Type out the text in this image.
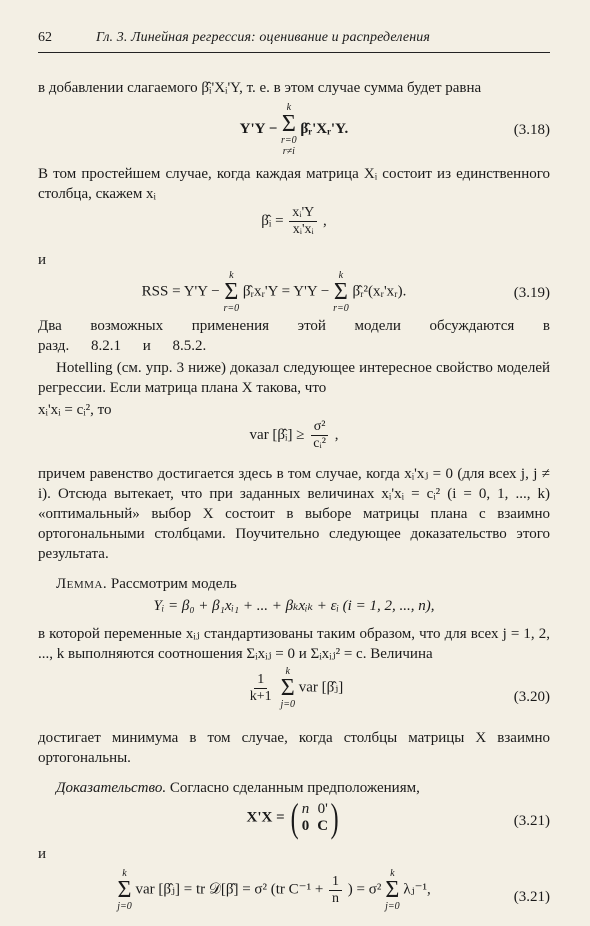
62	Гл. 3. Линейная регрессия: оценивание и распределения

в добавлении слагаемого β̂ᵢ'Xᵢ'Y, т. е. в этом случае сумма будет равна

Y'Y −
k
Σ
r=0
r≠i
β̂ᵣ'Xᵣ'Y.	(3.18)

В том простейшем случае, когда каждая матрица Xᵢ состоит из единственного столбца, скажем xᵢ

β̂ᵢ = $\frac{\text{xᵢ'Y}}{\text{xᵢ'xᵢ}}$ ,

и

RSS = Y'Y −
k
Σ
r=0
β̂ᵣxᵣ'Y = Y'Y −
k
Σ
r=0
β̂ᵣ²(xᵣ'xᵣ).	(3.19)

Два возможных применения этой модели обсуждаются в разд. 8.2.1 и 8.5.2.

Hotelling (см. упр. 3 ниже) доказал следующее интересное свойство моделей регрессии. Если матрица плана X такова, что

xᵢ'xᵢ = cᵢ², то

var [β̂ᵢ] ≥ $\frac{\text{σ²}}{\text{cᵢ²}}$ ,

причем равенство достигается здесь в том случае, когда xᵢ'xⱼ = 0 (для всех j, j ≠ i). Отсюда вытекает, что при заданных величинах xᵢ'xᵢ = cᵢ² (i = 0, 1, ..., k) «оптимальный» выбор X состоит в выборе матрицы плана с взаимно ортогональными столбцами. Поучительно следующее доказательство этого результата.

Лемма. Рассмотрим модель

Yᵢ = β₀ + β₁xᵢ₁ + ... + βₖxᵢₖ + εᵢ (i = 1, 2, ..., n),

в которой переменные xᵢⱼ стандартизованы таким образом, что для всех j = 1, 2, ..., k выполняются соотношения Σᵢxᵢⱼ = 0 и Σᵢxᵢⱼ² = c. Величина

$\frac{1}{k+1}$

k
Σ
j=0
var [β̂ⱼ]
(3.20)

достигает минимума в том случае, когда столбцы матрицы X взаимно ортогональны.

Доказательство. Согласно сделанным предположениям,

X'X = ( n 0'
0 C )	(3.21)

и

k
Σ
j=0
var [β̂ⱼ] = tr 𝒟[β̂] = σ² (tr $C^{-1} + \frac{1}{n}$ ) = σ²
k
Σ
j=0
λⱼ⁻¹,	(3.21)
